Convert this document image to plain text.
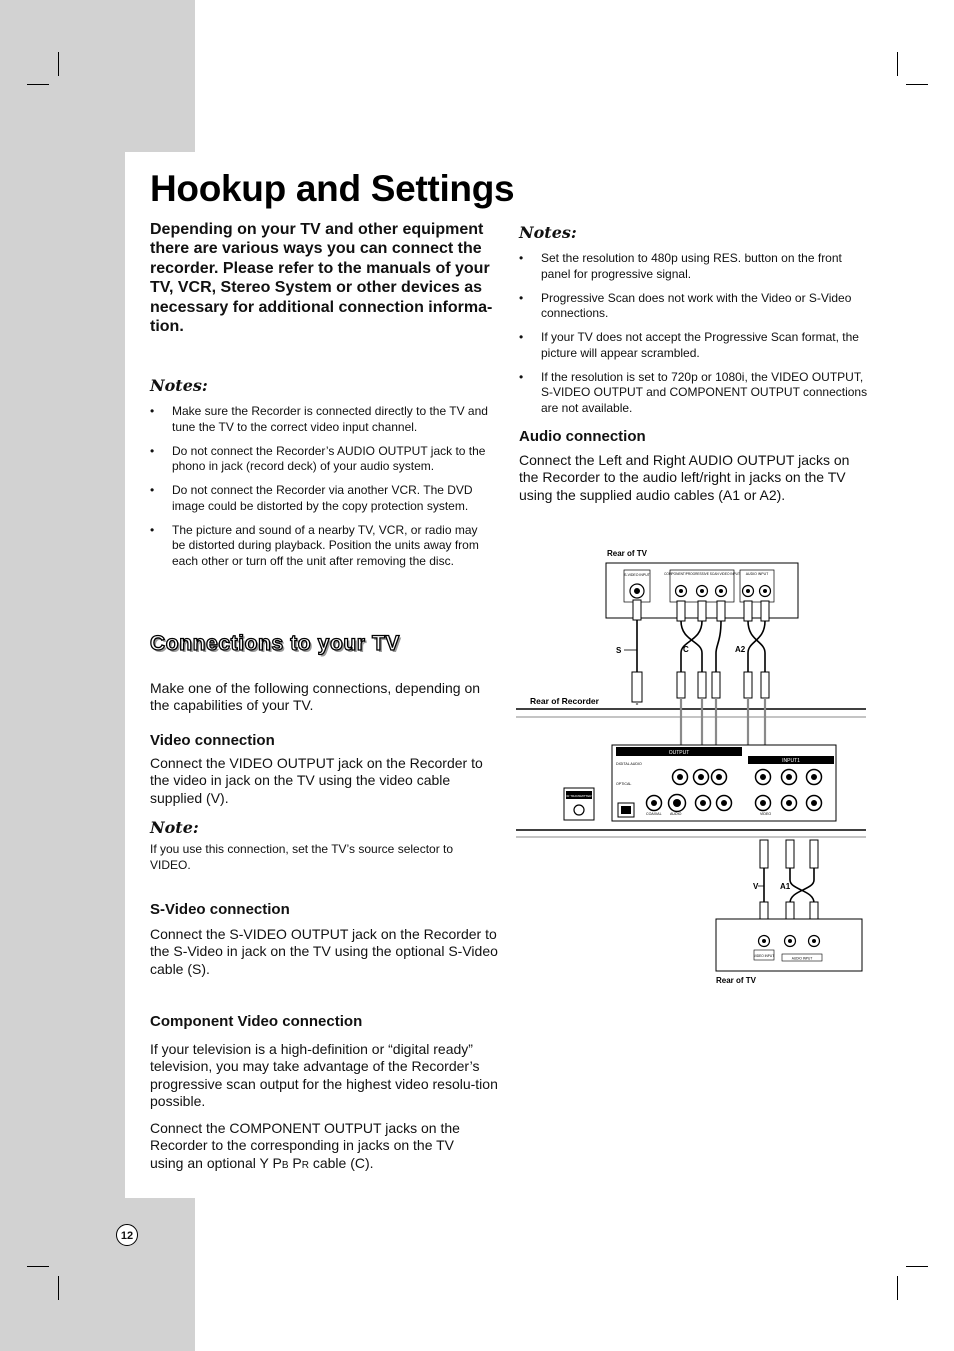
Hookup and Settings

Depending on your TV and other equipment there are various ways you can connect the recorder. Please refer to the manuals of your TV, VCR, Stereo System or other devices as necessary for additional connection informa-tion.

Notes:
• Make sure the Recorder is connected directly to the TV and tune the TV to the correct video input channel.
• Do not connect the Recorder’s AUDIO OUTPUT jack to the phono in jack (record deck) of your audio system.
• Do not connect the Recorder via another VCR. The DVD image could be distorted by the copy protection system.
• The picture and sound of a nearby TV, VCR, or radio may be distorted during playback. Position the units away from each other or turn off the unit after removing the disc.
Connections to your TV

Make one of the following connections, depending on the capabilities of your TV.

Video connection

Connect the VIDEO OUTPUT jack on the Recorder to the video in jack on the TV using the video cable supplied (V).

Note:

If you use this connection, set the TV’s source selector to VIDEO.

S-Video connection

Connect the S-VIDEO OUTPUT jack on the Recorder to the S-Video in jack on the TV using the optional S-Video cable (S).

Component Video connection

If your television is a high-definition or “digital ready” television, you may take advantage of the Recorder’s progressive scan output for the highest video resolu-tion possible.

Connect the COMPONENT OUTPUT jacks on the Recorder to the corresponding in jacks on the TV using an optional Y PB PR cable (C).

Notes:
• Set the resolution to 480p using RES. button on the front panel for progressive signal.
• Progressive Scan does not work with the Video or S-Video connections.
• If your TV does not accept the Progressive Scan format, the picture will appear scrambled.
• If the resolution is set to 720p or 1080i, the VIDEO OUTPUT, S-VIDEO OUTPUT and COMPONENT OUTPUT connections are not available.
Audio connection

Connect the Left and Right AUDIO OUTPUT jacks on the Recorder to the audio left/right in jacks on the TV using the supplied audio cables (A1 or A2).

Rear of TV
S-VIDEO INPUT	COMPONENT/PROGRESSIVE SCAN VIDEO INPUT AUDIO INPUT
S	C	A2
Rear of Recorder
OUTPUT
INPUT1
DIGITAL AUDIO
OPTICAL
COAXIAL AUDIO	VIDEO
IR TRANSMITTER
V	A1
VIDEO INPUT
AUDIO INPUT
Rear of TV
12
